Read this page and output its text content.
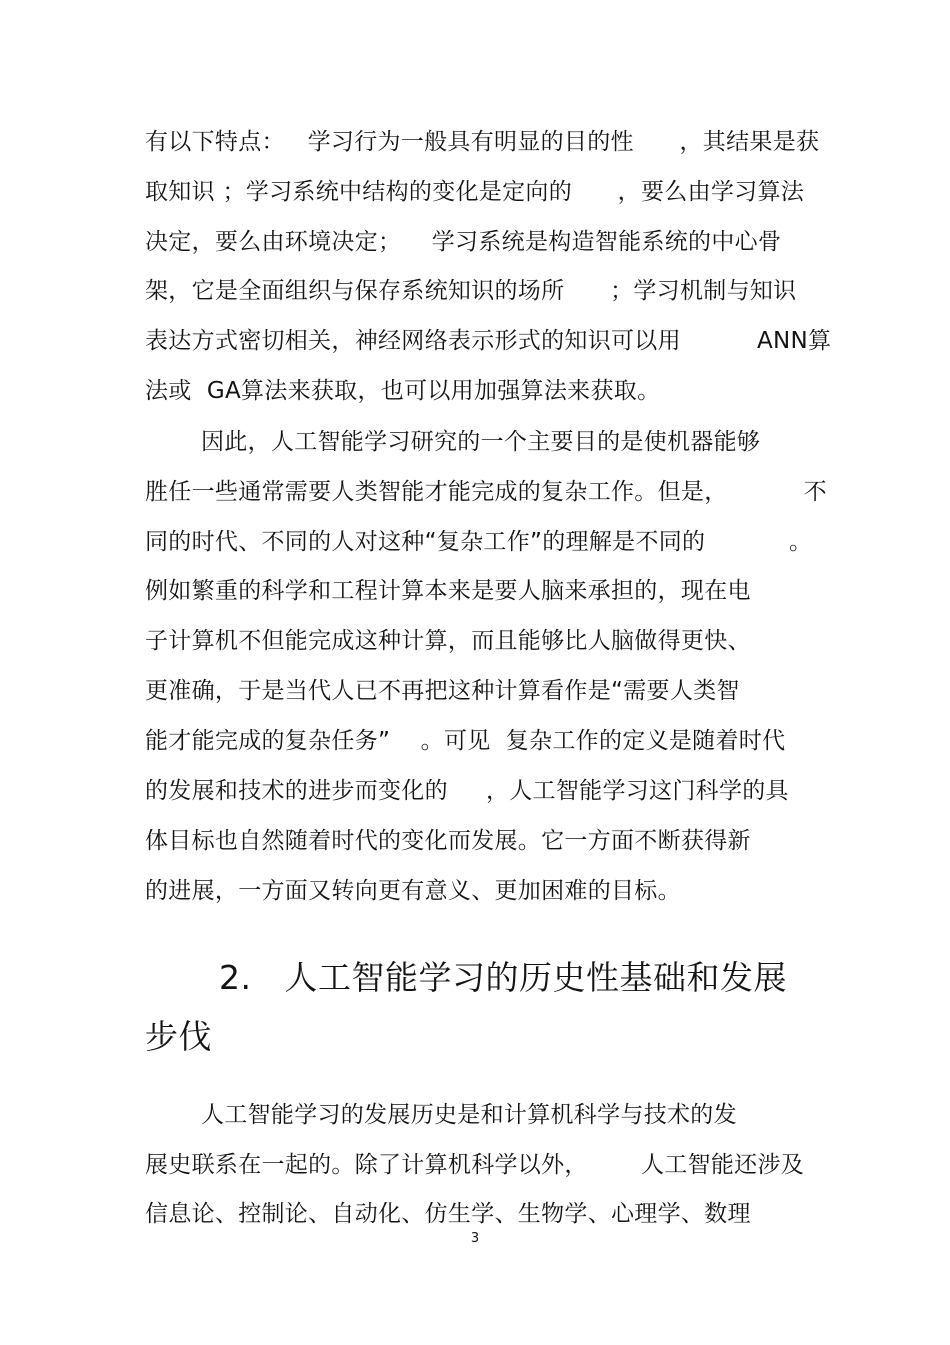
有以下特点：   学习行为一般具有明显的目的性      ，其结果是获
取知识 ；学习系统中结构的变化是定向的      ，要么由学习算法
决定，要么由环境决定；    学习系统是构造智能系统的中心骨
架，它是全面组织与保存系统知识的场所      ；学习机制与知识
表达方式密切相关，神经网络表示形式的知识可以用          ANN算
法或  GA算法来获取，也可以用加强算法来获取。
因此，人工智能学习研究的一个主要目的是使机器能够
胜任一些通常需要人类智能才能完成的复杂工作。但是，          不
同的时代、不同的人对这种“复杂工作”的理解是不同的           。
例如繁重的科学和工程计算本来是要人脑来承担的，现在电
子计算机不但能完成这种计算，而且能够比人脑做得更快、
更准确，于是当代人已不再把这种计算看作是“需要人类智
能才能完成的复杂任务”    。可见  复杂工作的定义是随着时代
的发展和技术的进步而变化的     ，人工智能学习这门科学的具
体目标也自然随着时代的变化而发展。它一方面不断获得新
的进展，一方面又转向更有意义、更加困难的目标。
2.   人工智能学习的历史性基础和发展
步伐
人工智能学习的发展历史是和计算机科学与技术的发
展史联系在一起的。除了计算机科学以外，       人工智能还涉及
信息论、控制论、自动化、仿生学、生物学、心理学、数理
3
